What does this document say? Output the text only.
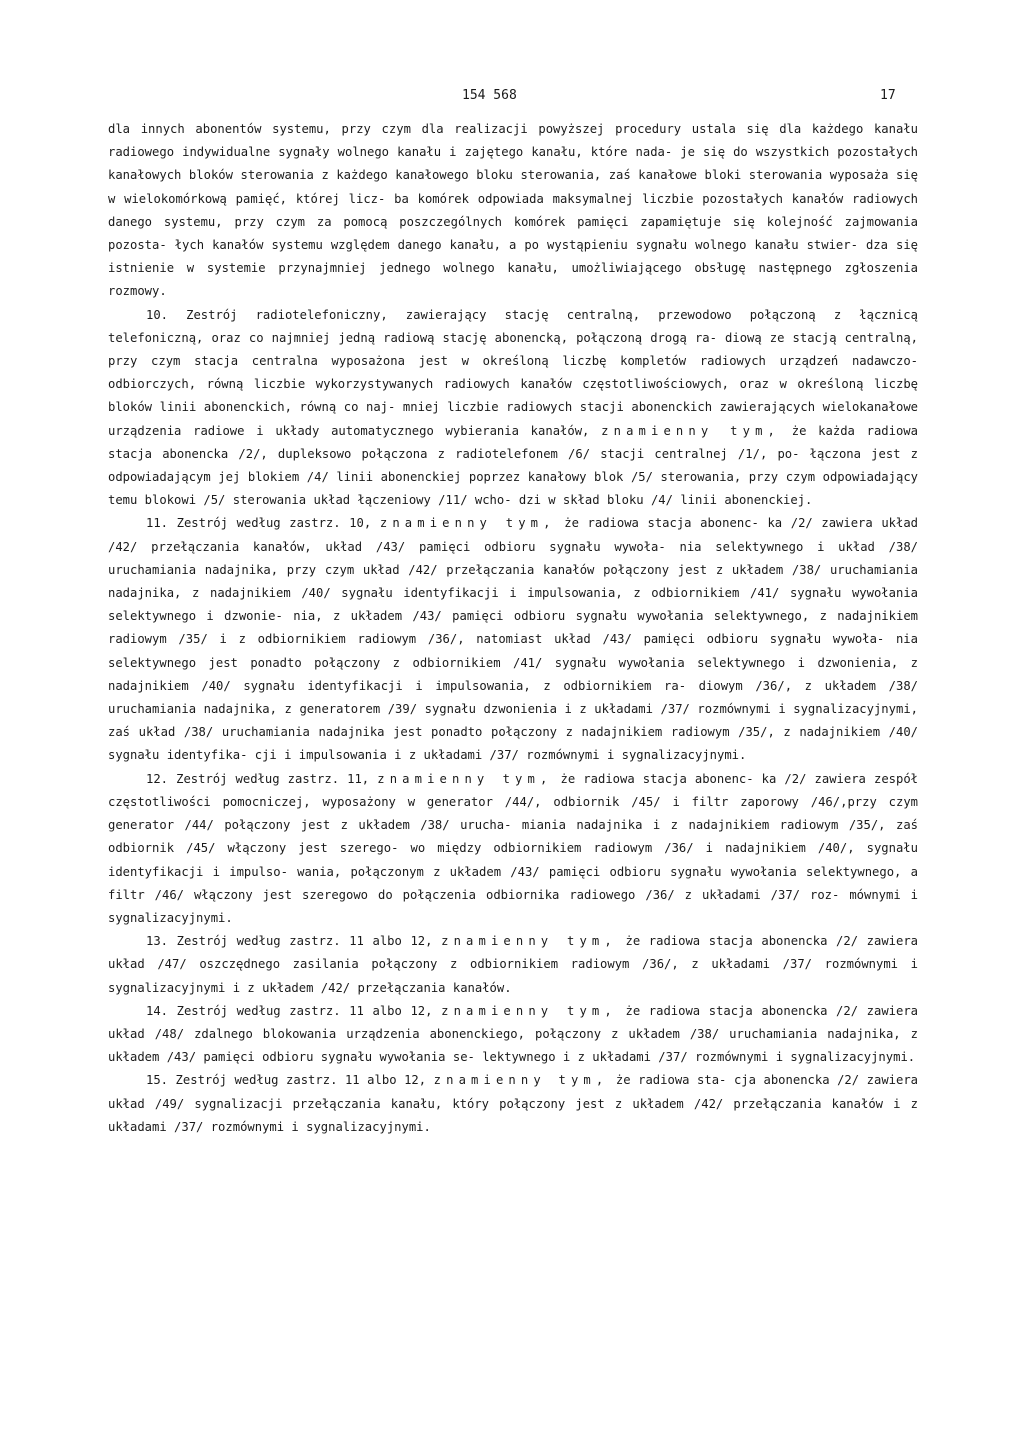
154 568	17

dla innych abonentów systemu, przy czym dla realizacji powyższej procedury ustala się dla każdego kanału radiowego indywidualne sygnały wolnego kanału i zajętego kanału, które nada- je się do wszystkich pozostałych kanałowych bloków sterowania z każdego kanałowego bloku sterowania, zaś kanałowe bloki sterowania wyposaża się w wielokomórkową pamięć, której licz- ba komórek odpowiada maksymalnej liczbie pozostałych kanałów radiowych danego systemu, przy czym za pomocą poszczególnych komórek pamięci zapamiętuje się kolejność zajmowania pozosta- łych kanałów systemu względem danego kanału, a po wystąpieniu sygnału wolnego kanału stwier- dza się istnienie w systemie przynajmniej jednego wolnego kanału, umożliwiającego obsługę następnego zgłoszenia rozmowy.

10. Zestrój radiotelefoniczny, zawierający stację centralną, przewodowo połączoną z łącznicą telefoniczną, oraz co najmniej jedną radiową stację abonencką, połączoną drogą ra- diową ze stacją centralną, przy czym stacja centralna wyposażona jest w określoną liczbę kompletów radiowych urządzeń nadawczo-odbiorczych, równą liczbie wykorzystywanych radiowych kanałów częstotliwościowych, oraz w określoną liczbę bloków linii abonenckich, równą co naj- mniej liczbie radiowych stacji abonenckich zawierających wielokanałowe urządzenia radiowe i układy automatycznego wybierania kanałów, znamienny tym, że każda radiowa stacja abonencka /2/, dupleksowo połączona z radiotelefonem /6/ stacji centralnej /1/, po- łączona jest z odpowiadającym jej blokiem /4/ linii abonenckiej poprzez kanałowy blok /5/ sterowania, przy czym odpowiadający temu blokowi /5/ sterowania układ łączeniowy /11/ wcho- dzi w skład bloku /4/ linii abonenckiej.

11. Zestrój według zastrz. 10, znamienny tym, że radiowa stacja abonenc- ka /2/ zawiera układ /42/ przełączania kanałów, układ /43/ pamięci odbioru sygnału wywoła- nia selektywnego i układ /38/ uruchamiania nadajnika, przy czym układ /42/ przełączania kanałów połączony jest z układem /38/ uruchamiania nadajnika, z nadajnikiem /40/ sygnału identyfikacji i impulsowania, z odbiornikiem /41/ sygnału wywołania selektywnego i dzwonie- nia, z układem /43/ pamięci odbioru sygnału wywołania selektywnego, z nadajnikiem radiowym /35/ i z odbiornikiem radiowym /36/, natomiast układ /43/ pamięci odbioru sygnału wywoła- nia selektywnego jest ponadto połączony z odbiornikiem /41/ sygnału wywołania selektywnego i dzwonienia, z nadajnikiem /40/ sygnału identyfikacji i impulsowania, z odbiornikiem ra- diowym /36/, z układem /38/ uruchamiania nadajnika, z generatorem /39/ sygnału dzwonienia i z układami /37/ rozmównymi i sygnalizacyjnymi, zaś układ /38/ uruchamiania nadajnika jest ponadto połączony z nadajnikiem radiowym /35/, z nadajnikiem /40/ sygnału identyfika- cji i impulsowania i z układami /37/ rozmównymi i sygnalizacyjnymi.

12. Zestrój według zastrz. 11, znamienny tym, że radiowa stacja abonenc- ka /2/ zawiera zespół częstotliwości pomocniczej, wyposażony w generator /44/, odbiornik /45/ i filtr zaporowy /46/,przy czym generator /44/ połączony jest z układem /38/ urucha- miania nadajnika i z nadajnikiem radiowym /35/, zaś odbiornik /45/ włączony jest szerego- wo między odbiornikiem radiowym /36/ i nadajnikiem /40/, sygnału identyfikacji i impulso- wania, połączonym z układem /43/ pamięci odbioru sygnału wywołania selektywnego, a filtr /46/ włączony jest szeregowo do połączenia odbiornika radiowego /36/ z układami /37/ roz- mównymi i sygnalizacyjnymi.

13. Zestrój według zastrz. 11 albo 12, znamienny tym, że radiowa stacja abonencka /2/ zawiera układ /47/ oszczędnego zasilania połączony z odbiornikiem radiowym /36/, z układami /37/ rozmównymi i sygnalizacyjnymi i z układem /42/ przełączania kanałów.

14. Zestrój według zastrz. 11 albo 12, znamienny tym, że radiowa stacja abonencka /2/ zawiera układ /48/ zdalnego blokowania urządzenia abonenckiego, połączony z układem /38/ uruchamiania nadajnika, z układem /43/ pamięci odbioru sygnału wywołania se- lektywnego i z układami /37/ rozmównymi i sygnalizacyjnymi.

15. Zestrój według zastrz. 11 albo 12, znamienny tym, że radiowa sta- cja abonencka /2/ zawiera układ /49/ sygnalizacji przełączania kanału, który połączony jest z układem /42/ przełączania kanałów i z układami /37/ rozmównymi i sygnalizacyjnymi.
